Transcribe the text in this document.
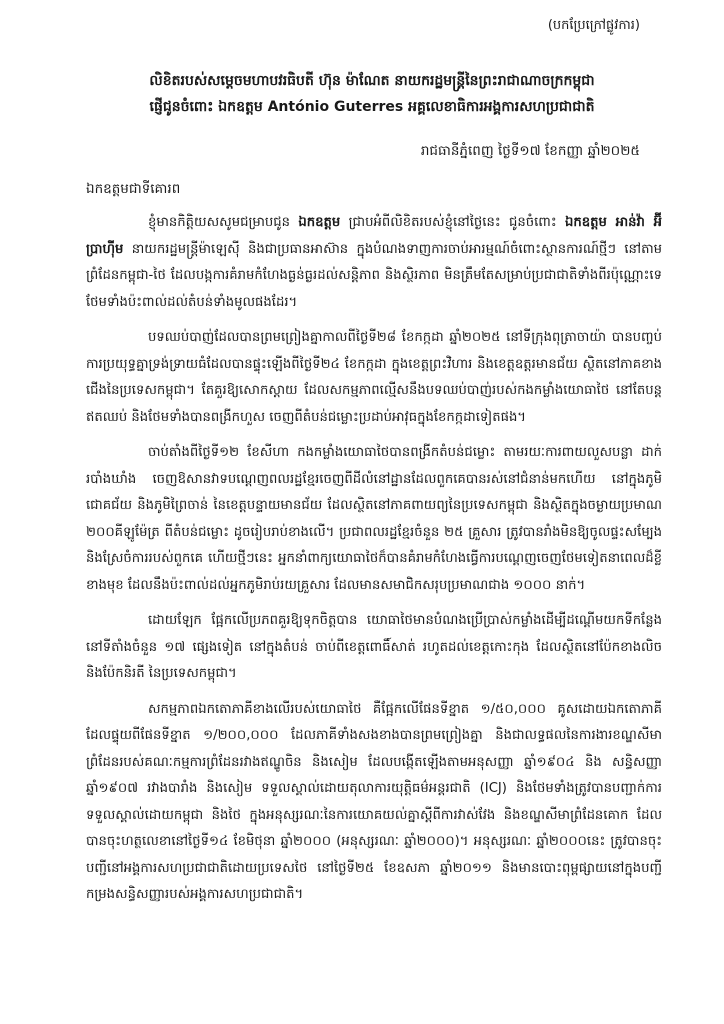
(បកប្រែក្រៅផ្លូវការ)
លិខិតរបស់សម្តេចមហាបវរធិបតី ហ៊ុន ម៉ាណែត នាយករដ្ឋមន្ត្រីនៃព្រះរាជាណាចក្រកម្ពុជា
ផ្ញើជូនចំពោះ ឯកឧត្តម António Guterres អគ្គលេខាធិការអង្គការសហប្រជាជាតិ
រាជធានីភ្នំពេញ ថ្ងៃទី១៧ ខែកញ្ញា ឆ្នាំ២០២៥
ឯកឧត្តមជាទីគោរព

ខ្ញុំមានកិត្តិយសសូមជម្រាបជូន ឯកឧត្តម ជ្រាបអំពីលិខិតរបស់ខ្ញុំនៅថ្ងៃនេះ ជូនចំពោះ ឯកឧត្តម អាន់វ៉ា អ៊ីប្រាហ៊ីម នាយករដ្ឋមន្ត្រីម៉ាឡេស៊ី និងជាប្រធានអាស៊ាន ក្នុងបំណងទាញការចាប់អារម្មណ៍ចំពោះស្ថានការណ៍ថ្មីៗ នៅតាមព្រំដែនកម្ពុជា-ថៃ ដែលបង្កការគំរាមកំហែងធ្ងន់ធ្ងរដល់សន្តិភាព និងស្ថិរភាព មិនត្រឹមតែសម្រាប់ប្រជាជាតិទាំងពីរប៉ុណ្ណោះទេ ថែមទាំងប៉ះពាល់ដល់តំបន់ទាំងមូលផងដែរ។

បទឈប់បាញ់ដែលបានព្រមព្រៀងគ្នាកាលពីថ្ងៃទី២៨ ខែកក្កដា ឆ្នាំ២០២៥ នៅទីក្រុងពុត្រាចាយ៉ា បានបញ្ចប់ការប្រយុទ្ធគ្នាទ្រង់ទ្រាយធំដែលបានផ្ទុះឡើងពីថ្ងៃទី២៤ ខែកក្កដា ក្នុងខេត្តព្រះវិហារ និងខេត្តឧត្តរមានជ័យ ស្ថិតនៅភាគខាងជើងនៃប្រទេសកម្ពុជា។ តែគួរឱ្យសោកស្តាយ ដែលសកម្មភាពល្មើសនឹងបទឈប់បាញ់របស់កងកម្លាំងយោធាថៃ នៅតែបន្តឥតឈប់ និងថែមទាំងបានពង្រីកហួស ចេញពីតំបន់ជម្លោះប្រដាប់អាវុធក្នុងខែកក្កដាទៀតផង។

ចាប់តាំងពីថ្ងៃទី១២ ខែសីហា កងកម្លាំងយោធាថៃបានពង្រីកតំបន់ជម្លោះ តាមរយៈការពាយលួសបន្លា ដាក់របាំងឃាំង ចេញឱសានវាទបណ្តេញពលរដ្ឋខ្មែរចេញពីដីលំនៅដ្ឋានដែលពួកគេបានរស់នៅជំនាន់មកហើយ នៅក្នុងភូមិជោគជ័យ និងភូមិព្រៃចាន់ នៃខេត្តបន្ទាយមានជ័យ ដែលស្ថិតនៅភាគពាយព្យនៃប្រទេសកម្ពុជា និងស្ថិតក្នុងចម្ងាយប្រមាណ ២០០គីឡូម៉ែត្រ ពីតំបន់ជម្លោះ ដូចរៀបរាប់ខាងលើ។ ប្រជាពលរដ្ឋខ្មែរចំនួន ២៥ គ្រួសារ ត្រូវបានរាំងមិនឱ្យចូលផ្ទះសម្បែង និងស្រែចំការរបស់ពួកគេ ហើយថ្មីៗនេះ អ្នកនាំពាក្យយោធាថៃក៏បានគំរាមកំហែងធ្វើការបណ្តេញចេញថែមទៀតនាពេលដ៏ខ្លីខាងមុខ ដែលនឹងប៉ះពាល់ដល់អ្នកភូមិរាប់រយគ្រួសារ ដែលមានសមាជិកសរុបប្រមាណជាង ១០០០ នាក់។

ដោយឡែក ផ្អែកលើប្រភពគួរឱ្យទុកចិត្តបាន យោធាថៃមានបំណងប្រើប្រាស់កម្លាំងដើម្បីដណ្តើមយកទីកន្លែងនៅទីតាំងចំនួន ១៧ ផ្សេងទៀត នៅក្នុងតំបន់ ចាប់ពីខេត្តពោធិ៍សាត់ រហូតដល់ខេត្តកោះកុង ដែលស្ថិតនៅប៉ែកខាងលិច និងប៉ែកនិរតី នៃប្រទេសកម្ពុជា។

សកម្មភាពឯកតោភាគីខាងលើរបស់យោធាថៃ គឺផ្អែកលើផែនទីខ្នាត ១/៥០,០០០ គូសដោយឯកតោភាគី ដែលផ្ទុយពីផែនទីខ្នាត ១/២០០,០០០ ដែលភាគីទាំងសងខាងបានព្រមព្រៀងគ្នា និងជាលទ្ធផលនៃការងារខណ្ឌសីមាព្រំដែនរបស់គណៈកម្មការព្រំដែនរវាងឥណ្ឌូចិន និងសៀម ដែលបង្កើតឡើងតាមអនុសញ្ញា ឆ្នាំ១៩០៤ និង សន្ធិសញ្ញា ឆ្នាំ១៩០៧ រវាងបារាំង និងសៀម ទទួលស្គាល់ដោយតុលាការយុត្តិធម៌អន្តរជាតិ (ICJ) និងថែមទាំងត្រូវបានបញ្ជាក់ការទទួលស្គាល់ដោយកម្ពុជា និងថៃ ក្នុងអនុស្សរណៈនៃការយោគយល់គ្នាស្តីពីការវាស់វែង និងខណ្ឌសីមាព្រំដែនគោក ដែលបានចុះហត្ថលេខានៅថ្ងៃទី១៤ ខែមិថុនា ឆ្នាំ២០០០ (អនុស្សរណៈ ឆ្នាំ២០០០)។ អនុស្សរណៈ ឆ្នាំ២០០០នេះ ត្រូវបានចុះបញ្ជីនៅអង្គការសហប្រជាជាតិដោយប្រទេសថៃ នៅថ្ងៃទី២៥ ខែឧសភា ឆ្នាំ២០១១ និងមានបោះពុម្ពផ្សាយនៅក្នុងបញ្ជីកម្រងសន្ធិសញ្ញារបស់អង្គការសហប្រជាជាតិ។
